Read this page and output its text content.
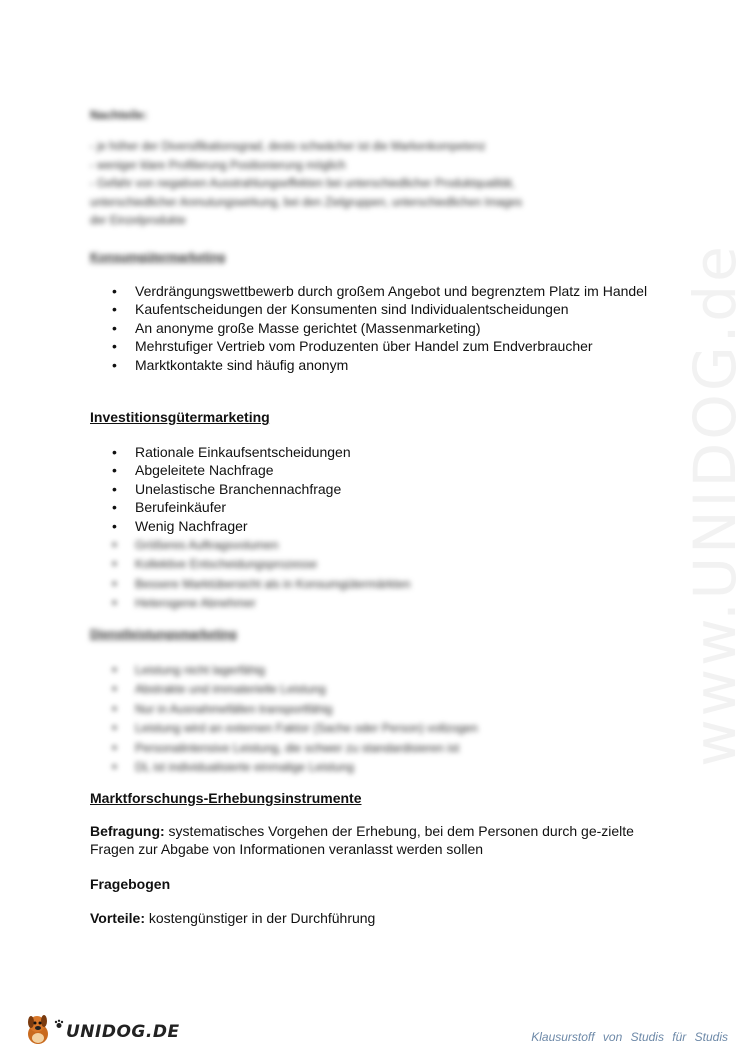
www.UNIDOG.de
Nachteile:
- je höher der Diversifikationsgrad, desto schwächer ist die Markenkompetenz
- weniger klare Profilierung Positionierung möglich
- Gefahr von negativen Ausstrahlungseffekten bei unterschiedlicher Produktqualität,
unterschiedlicher Anmutungswirkung, bei den Zielgruppen, unterschiedlichen Images
der Einzelprodukte
Konsumgütermarketing
•	Verdrängungswettbewerb durch großem Angebot und begrenztem Platz im Handel
•	Kaufentscheidungen der Konsumenten sind Individualentscheidungen
•	An anonyme große Masse gerichtet (Massenmarketing)
•	Mehrstufiger Vertrieb vom Produzenten über Handel zum Endverbraucher
•	Marktkontakte sind häufig anonym
Investitionsgütermarketing
•	Rationale Einkaufsentscheidungen
•	Abgeleitete Nachfrage
•	Unelastische Branchennachfrage
•	Berufeinkäufer
•	Wenig Nachfrager
•	Größeres Auftragsvolumen
•	Kollektive Entscheidungsprozesse
•	Bessere Marktübersicht als in Konsumgütermärkten
•	Heterogene Abnehmer
Dienstleistungsmarketing
•	Leistung nicht lagerfähig
•	Abstrakte und immaterielle Leistung
•	Nur in Ausnahmefällen transportfähig
•	Leistung wird an externen Faktor (Sache oder Person) vollzogen
•	Personalintensive Leistung, die schwer zu standardisieren ist
•	DL ist individualisierte einmalige Leistung
Marktforschungs-Erhebungsinstrumente
Befragung: systematisches Vorgehen der Erhebung, bei dem Personen durch ge-zielte Fragen zur Abgabe von Informationen veranlasst werden sollen
Fragebogen
Vorteile: kostengünstiger in der Durchführung
UNIDOG.DE	Klausurstoff von Studis für Studis
